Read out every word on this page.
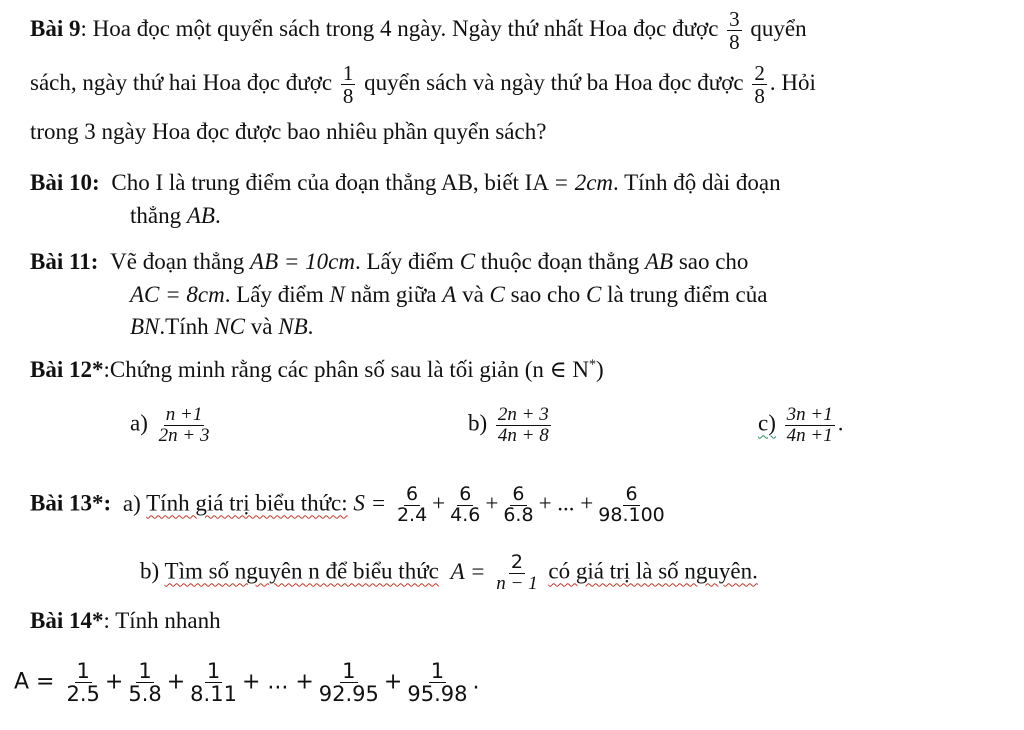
Bài 9: Hoa đọc một quyển sách trong 4 ngày. Ngày thứ nhất Hoa đọc được $\frac{3}{8}$ quyển
sách, ngày thứ hai Hoa đọc được $\frac{1}{8}$ quyển sách và ngày thứ ba Hoa đọc được $\frac{2}{8}$ . Hỏi
trong 3 ngày Hoa đọc được bao nhiêu phần quyển sách?
Bài 10: Cho I là trung điểm của đoạn thẳng AB, biết IA = 2cm. Tính độ dài đoạn
thẳng AB.
Bài 11: Vẽ đoạn thẳng AB = 10cm. Lấy điểm C thuộc đoạn thẳng AB sao cho
AC = 8cm. Lấy điểm N nằm giữa A và C sao cho C là trung điểm của
BN.Tính NC và NB.
Bài 12*:Chứng minh rằng các phân số sau là tối giản (n ∈ N*)
$a) \frac{n +1}{2n + 3}$	$b) \frac{2n + 3}{4n + 8}$	$c) \frac{3n +1}{4n +1}$ .
Bài 13*: a) Tính giá trị biểu thức: $S = \frac{6}{2.4} + \frac{6}{4.6} + \frac{6}{6.8}$ + ... + $\frac{6}{98.100}$
b) Tìm số nguyên n để biểu thức $A = \frac{2}{n - 1}$ có giá trị là số nguyên.
Bài 14*: Tính nhanh
$A = \frac{1}{2.5} + \frac{1}{5.8} + \frac{1}{8.11}$ + ... + $\frac{1}{92.95} + \frac{1}{95.98}$ .
